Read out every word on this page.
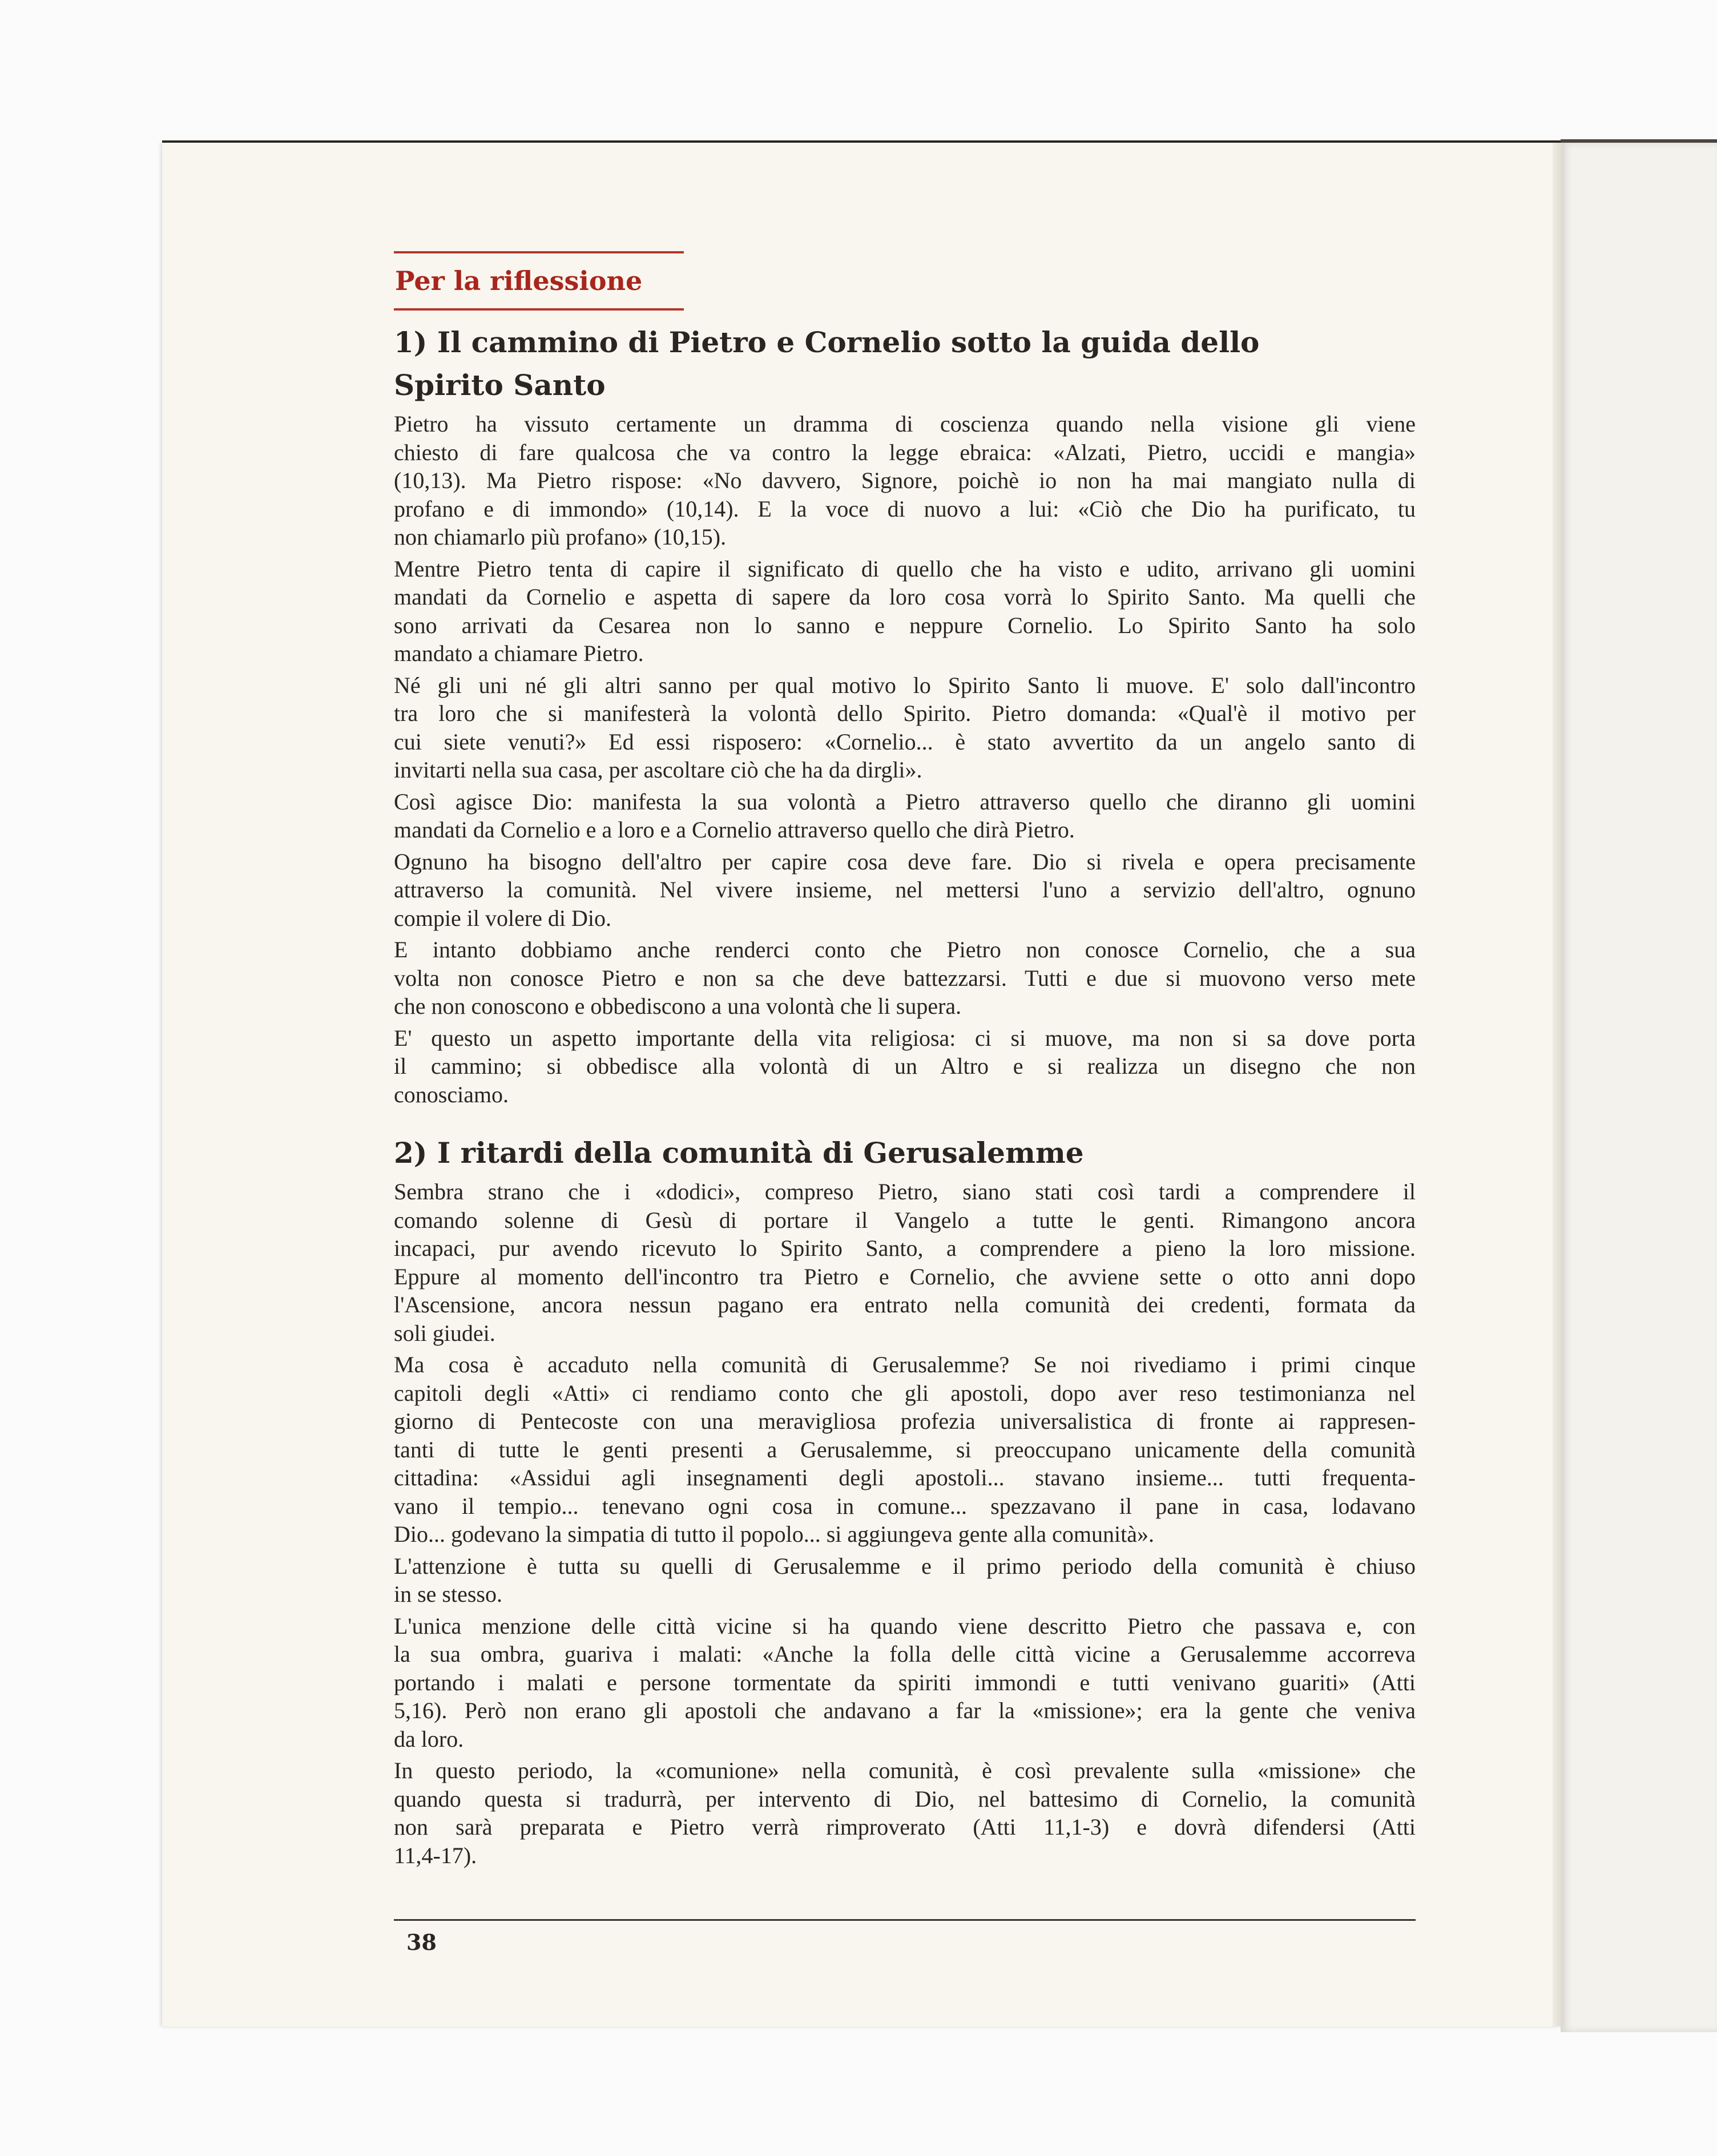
Per la riflessione
1) Il cammino di Pietro e Cornelio sotto la guida dello
Spirito Santo
Pietro ha vissuto certamente un dramma di coscienza quando nella visione gli viene
chiesto di fare qualcosa che va contro la legge ebraica: «Alzati, Pietro, uccidi e mangia»
(10,13). Ma Pietro rispose: «No davvero, Signore, poichè io non ha mai mangiato nulla di
profano e di immondo» (10,14). E la voce di nuovo a lui: «Ciò che Dio ha purificato, tu
non chiamarlo più profano» (10,15).
Mentre Pietro tenta di capire il significato di quello che ha visto e udito, arrivano gli uomini
mandati da Cornelio e aspetta di sapere da loro cosa vorrà lo Spirito Santo. Ma quelli che
sono arrivati da Cesarea non lo sanno e neppure Cornelio. Lo Spirito Santo ha solo
mandato a chiamare Pietro.
Né gli uni né gli altri sanno per qual motivo lo Spirito Santo li muove. E' solo dall'incontro
tra loro che si manifesterà la volontà dello Spirito. Pietro domanda: «Qual'è il motivo per
cui siete venuti?» Ed essi risposero: «Cornelio... è stato avvertito da un angelo santo di
invitarti nella sua casa, per ascoltare ciò che ha da dirgli».
Così agisce Dio: manifesta la sua volontà a Pietro attraverso quello che diranno gli uomini
mandati da Cornelio e a loro e a Cornelio attraverso quello che dirà Pietro.
Ognuno ha bisogno dell'altro per capire cosa deve fare. Dio si rivela e opera precisamente
attraverso la comunità. Nel vivere insieme, nel mettersi l'uno a servizio dell'altro, ognuno
compie il volere di Dio.
E intanto dobbiamo anche renderci conto che Pietro non conosce Cornelio, che a sua
volta non conosce Pietro e non sa che deve battezzarsi. Tutti e due si muovono verso mete
che non conoscono e obbediscono a una volontà che li supera.
E' questo un aspetto importante della vita religiosa: ci si muove, ma non si sa dove porta
il cammino; si obbedisce alla volontà di un Altro e si realizza un disegno che non
conosciamo.
2) I ritardi della comunità di Gerusalemme
Sembra strano che i «dodici», compreso Pietro, siano stati così tardi a comprendere il
comando solenne di Gesù di portare il Vangelo a tutte le genti. Rimangono ancora
incapaci, pur avendo ricevuto lo Spirito Santo, a comprendere a pieno la loro missione.
Eppure al momento dell'incontro tra Pietro e Cornelio, che avviene sette o otto anni dopo
l'Ascensione, ancora nessun pagano era entrato nella comunità dei credenti, formata da
soli giudei.
Ma cosa è accaduto nella comunità di Gerusalemme? Se noi rivediamo i primi cinque
capitoli degli «Atti» ci rendiamo conto che gli apostoli, dopo aver reso testimonianza nel
giorno di Pentecoste con una meravigliosa profezia universalistica di fronte ai rappresen-
tanti di tutte le genti presenti a Gerusalemme, si preoccupano unicamente della comunità
cittadina: «Assidui agli insegnamenti degli apostoli... stavano insieme... tutti frequenta-
vano il tempio... tenevano ogni cosa in comune... spezzavano il pane in casa, lodavano
Dio... godevano la simpatia di tutto il popolo... si aggiungeva gente alla comunità».
L'attenzione è tutta su quelli di Gerusalemme e il primo periodo della comunità è chiuso
in se stesso.
L'unica menzione delle città vicine si ha quando viene descritto Pietro che passava e, con
la sua ombra, guariva i malati: «Anche la folla delle città vicine a Gerusalemme accorreva
portando i malati e persone tormentate da spiriti immondi e tutti venivano guariti» (Atti
5,16). Però non erano gli apostoli che andavano a far la «missione»; era la gente che veniva
da loro.
In questo periodo, la «comunione» nella comunità, è così prevalente sulla «missione» che
quando questa si tradurrà, per intervento di Dio, nel battesimo di Cornelio, la comunità
non sarà preparata e Pietro verrà rimproverato (Atti 11,1-3) e dovrà difendersi (Atti
11,4-17).
38
